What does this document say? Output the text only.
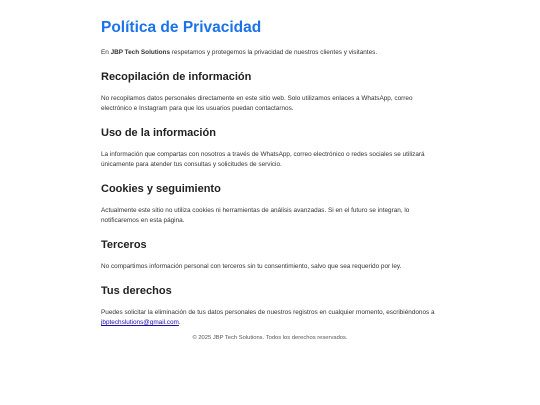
Política de Privacidad

En JBP Tech Solutions respetamos y protegemos la privacidad de nuestros clientes y visitantes.

Recopilación de información

No recopilamos datos personales directamente en este sitio web. Solo utilizamos enlaces a WhatsApp, correo electrónico e Instagram para que los usuarios puedan contactarnos.

Uso de la información

La información que compartas con nosotros a través de WhatsApp, correo electrónico o redes sociales se utilizará únicamente para atender tus consultas y solicitudes de servicio.

Cookies y seguimiento

Actualmente este sitio no utiliza cookies ni herramientas de análisis avanzadas. Si en el futuro se integran, lo notificaremos en esta página.

Terceros

No compartimos información personal con terceros sin tu consentimiento, salvo que sea requerido por ley.

Tus derechos

Puedes solicitar la eliminación de tus datos personales de nuestros registros en cualquier momento, escribiéndonos a jbptechslutions@gmail.com.

© 2025 JBP Tech Solutions. Todos los derechos reservados.
